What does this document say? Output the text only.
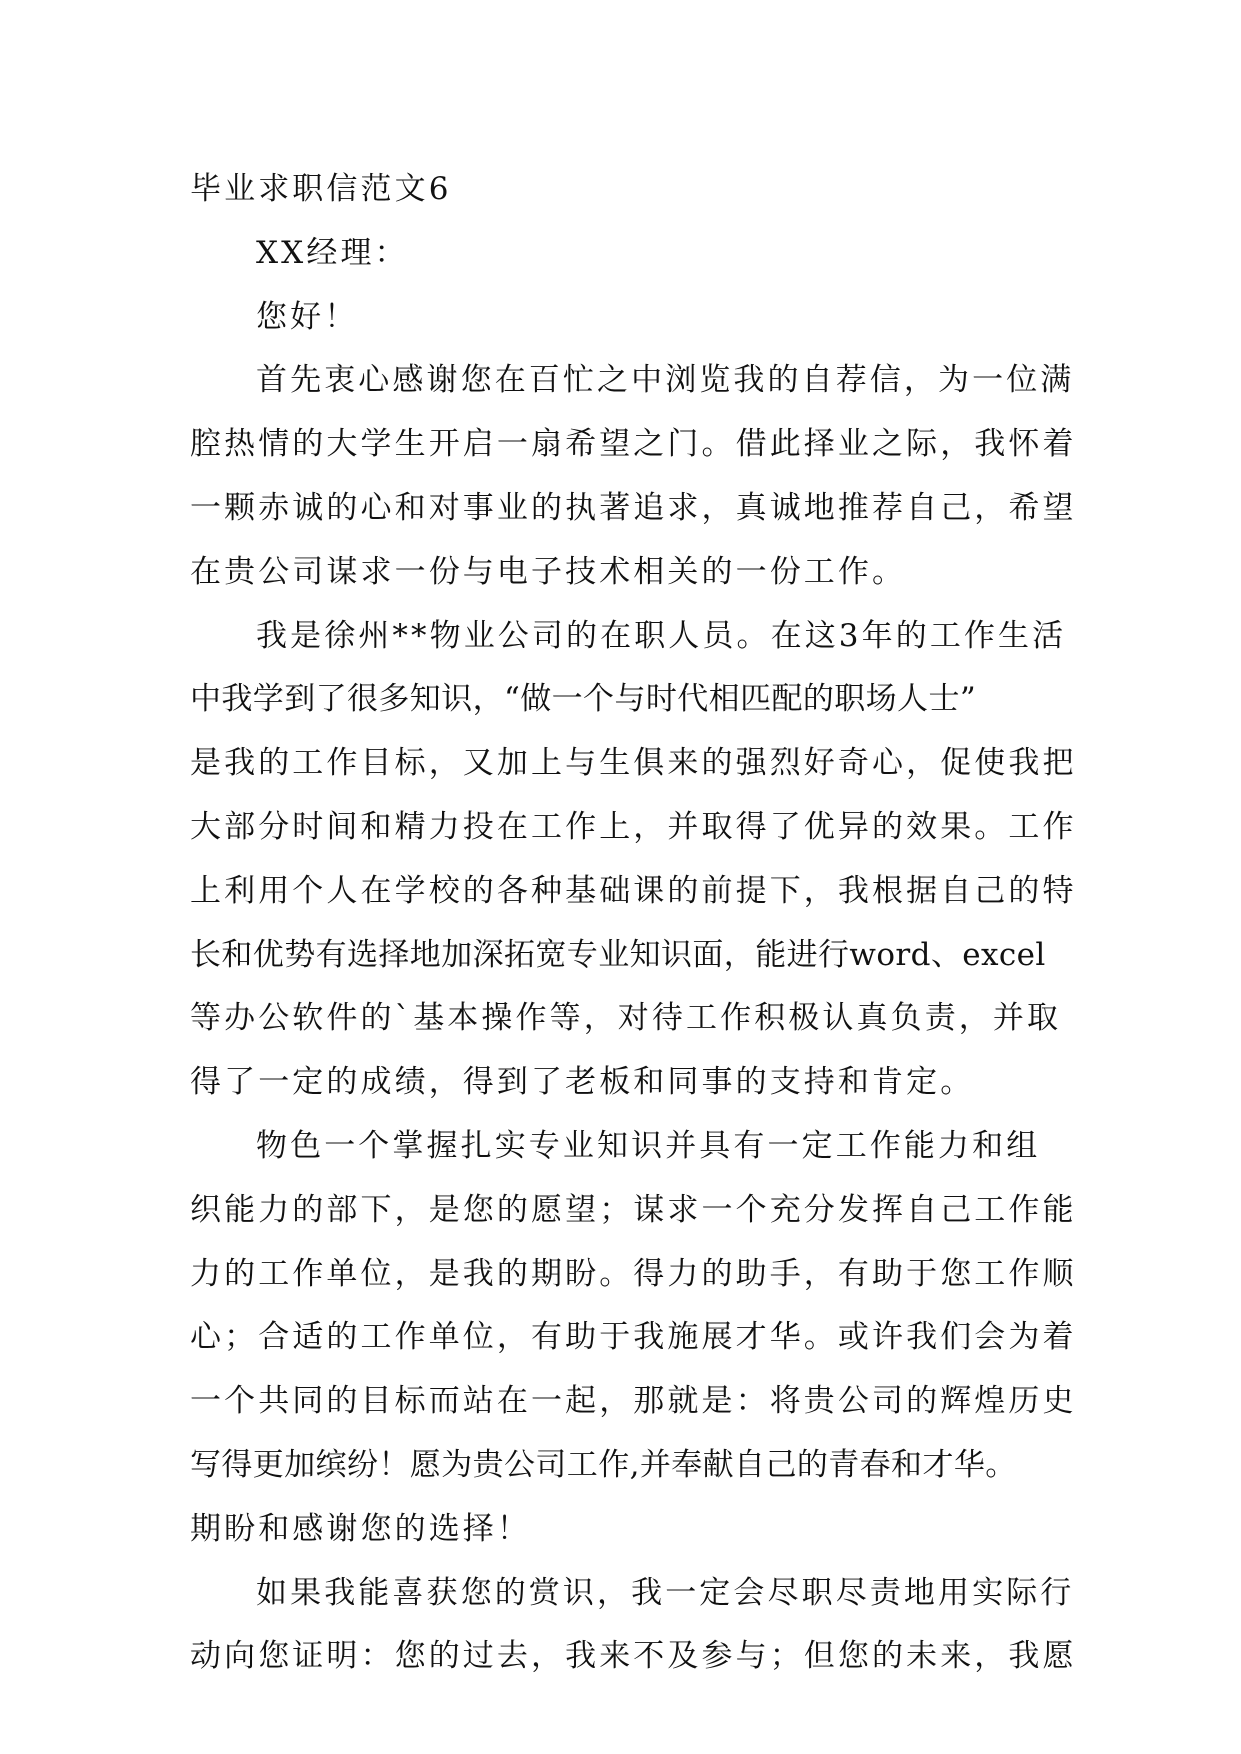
毕业求职信范文6
XX经理：
您好！
首先衷心感谢您在百忙之中浏览我的自荐信，为一位满
腔热情的大学生开启一扇希望之门。借此择业之际，我怀着
一颗赤诚的心和对事业的执著追求，真诚地推荐自己，希望
在贵公司谋求一份与电子技术相关的一份工作。
我是徐州**物业公司的在职人员。在这3年的工作生活
中我学到了很多知识，“做一个与时代相匹配的职场人士”
是我的工作目标，又加上与生俱来的强烈好奇心，促使我把
大部分时间和精力投在工作上，并取得了优异的效果。工作
上利用个人在学校的各种基础课的前提下，我根据自己的特
长和优势有选择地加深拓宽专业知识面，能进行word、excel
等办公软件的`基本操作等，对待工作积极认真负责，并取
得了一定的成绩，得到了老板和同事的支持和肯定。
物色一个掌握扎实专业知识并具有一定工作能力和组
织能力的部下，是您的愿望；谋求一个充分发挥自己工作能
力的工作单位，是我的期盼。得力的助手，有助于您工作顺
心；合适的工作单位，有助于我施展才华。或许我们会为着
一个共同的目标而站在一起，那就是：将贵公司的辉煌历史
写得更加缤纷！愿为贵公司工作,并奉献自己的青春和才华。
期盼和感谢您的选择！
如果我能喜获您的赏识，我一定会尽职尽责地用实际行
动向您证明：您的过去，我来不及参与；但您的未来，我愿
